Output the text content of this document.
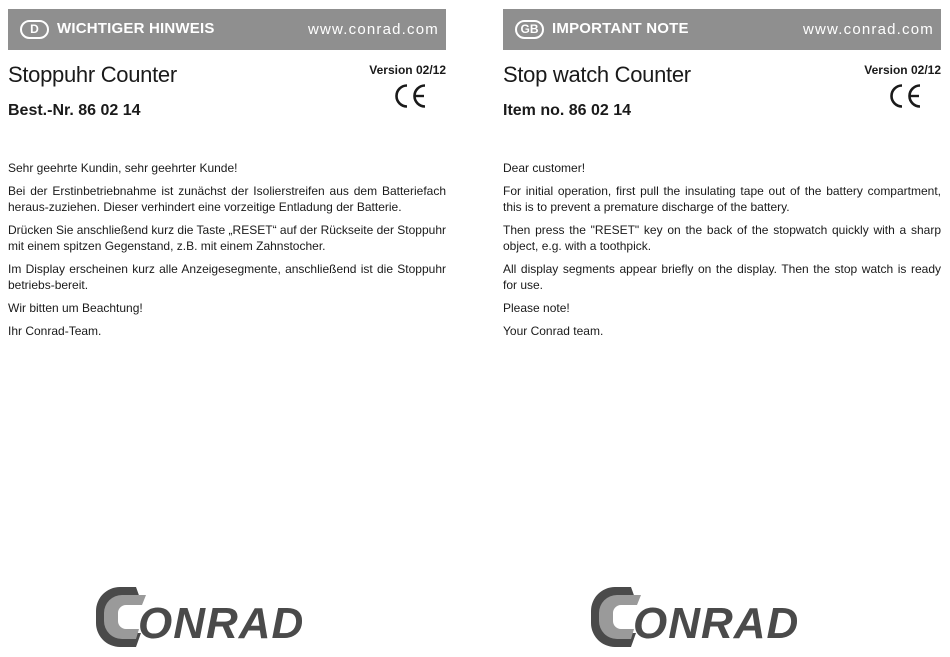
D	WICHTIGER HINWEIS	www.conrad.com
Stoppuhr Counter	Version 02/12
Best.-Nr. 86 02 14

Sehr geehrte Kundin, sehr geehrter Kunde!

Bei der Erstinbetriebnahme ist zunächst der Isolierstreifen aus dem Batteriefach heraus-zuziehen. Dieser verhindert eine vorzeitige Entladung der Batterie.

Drücken Sie anschließend kurz die Taste „RESET“ auf der Rückseite der Stoppuhr mit einem spitzen Gegenstand, z.B. mit einem Zahnstocher.

Im Display erscheinen kurz alle Anzeigesegmente, anschließend ist die Stoppuhr betriebs-bereit.

Wir bitten um Beachtung!

Ihr Conrad-Team.

ONRAD
GB IMPORTANT NOTE	www.conrad.com
Stop watch Counter	Version 02/12
Item no. 86 02 14

Dear customer!

For initial operation, first pull the insulating tape out of the battery compartment, this is to prevent a premature discharge of the battery.

Then press the "RESET" key on the back of the stopwatch quickly with a sharp object, e.g. with a toothpick.

All display segments appear briefly on the display. Then the stop watch is ready for use.

Please note!

Your Conrad team.

ONRAD
